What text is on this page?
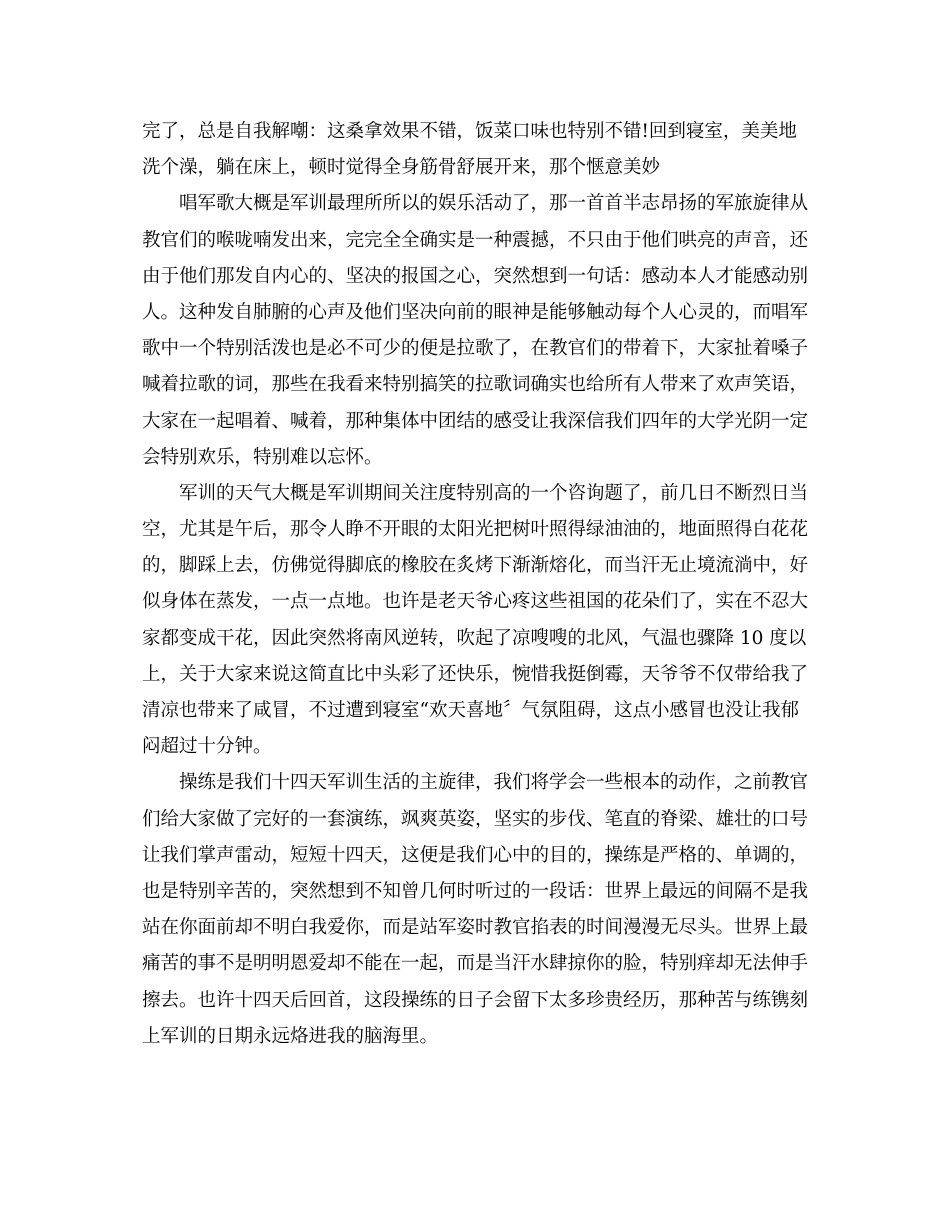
完了，总是自我解嘲：这桑拿效果不错，饭菜口味也特别不错!回到寝室，美美地
洗个澡，躺在床上，顿时觉得全身筋骨舒展开来，那个惬意美妙
唱军歌大概是军训最理所所以的娱乐活动了，那一首首半志昂扬的军旅旋律从
教官们的喉咙喃发出来，完完全全确实是一种震撼，不只由于他们哄亮的声音，还
由于他们那发自内心的、坚决的报国之心，突然想到一句话：感动本人才能感动别
人。这种发自肺腑的心声及他们坚决向前的眼神是能够触动每个人心灵的，而唱军
歌中一个特别活泼也是必不可少的便是拉歌了，在教官们的带着下，大家扯着嗓子
喊着拉歌的词，那些在我看来特别搞笑的拉歌词确实也给所有人带来了欢声笑语，
大家在一起唱着、喊着，那种集体中团结的感受让我深信我们四年的大学光阴一定
会特别欢乐，特别难以忘怀。
军训的天气大概是军训期间关注度特别高的一个咨询题了，前几日不断烈日当
空，尤其是午后，那令人睁不开眼的太阳光把树叶照得绿油油的，地面照得白花花
的，脚踩上去，仿佛觉得脚底的橡胶在炙烤下渐渐熔化，而当汗无止境流淌中，好
似身体在蒸发，一点一点地。也许是老天爷心疼这些祖国的花朵们了，实在不忍大
家都变成干花，因此突然将南风逆转，吹起了凉嗖嗖的北风，气温也骤降 10 度以
上，关于大家来说这简直比中头彩了还快乐，惋惜我挺倒霉，天爷爷不仅带给我了
清凉也带来了咸冒，不过遭到寝室“欢天喜地〞气氛阻碍，这点小感冒也没让我郁
闷超过十分钟。
操练是我们十四天军训生活的主旋律，我们将学会一些根本的动作，之前教官
们给大家做了完好的一套演练，飒爽英姿，坚实的步伐、笔直的脊梁、雄壮的口号
让我们掌声雷动，短短十四天，这便是我们心中的目的，操练是严格的、单调的，
也是特别辛苦的，突然想到不知曾几何时听过的一段话：世界上最远的间隔不是我
站在你面前却不明白我爱你，而是站军姿时教官掐表的时间漫漫无尽头。世界上最
痛苦的事不是明明恩爱却不能在一起，而是当汗水肆掠你的脸，特别痒却无法伸手
擦去。也许十四天后回首，这段操练的日子会留下太多珍贵经历，那种苦与练镌刻
上军训的日期永远烙进我的脑海里。
